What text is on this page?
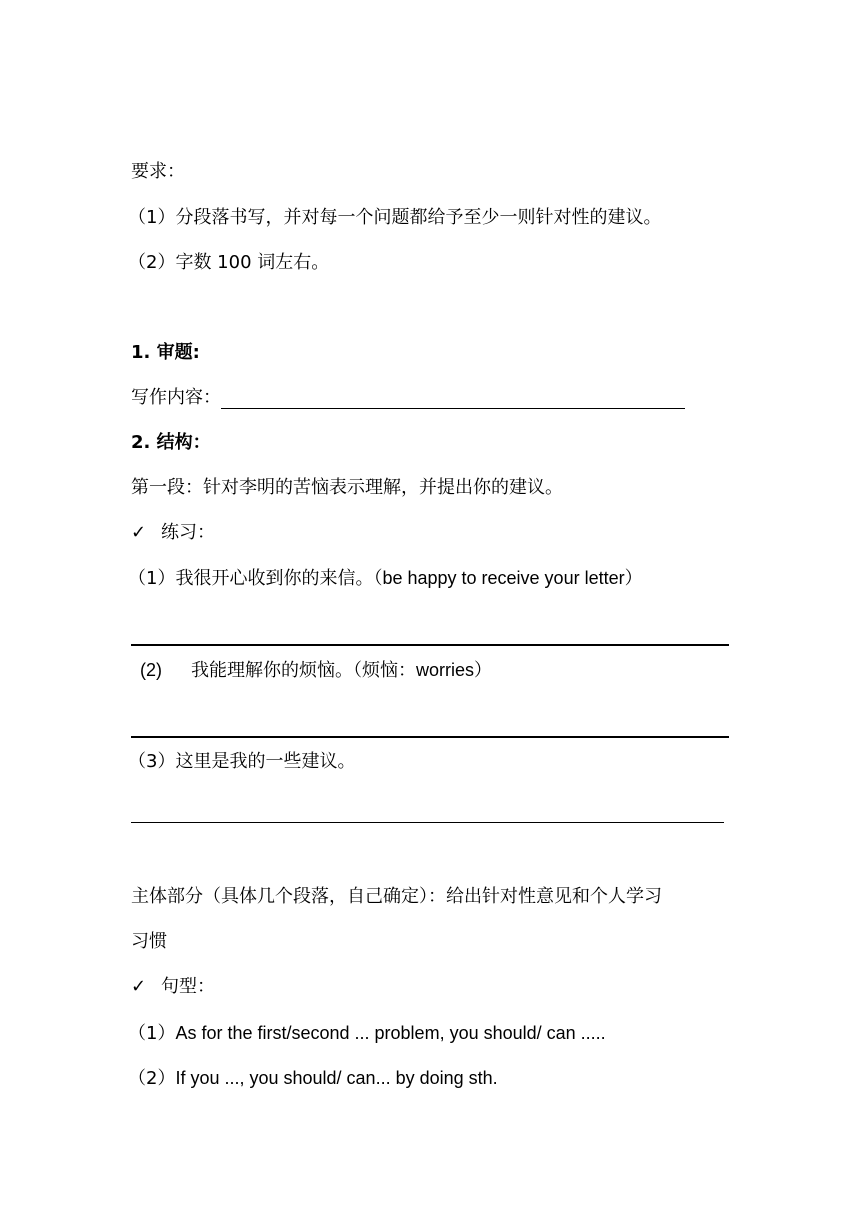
要求：
（1）分段落书写，并对每一个问题都给予至少一则针对性的建议。
（2）字数 100 词左右。
1. 审题:
写作内容：
2. 结构：
第一段：针对李明的苦恼表示理解，并提出你的建议。
✓ 练习：
（1）我很开心收到你的来信。（be happy to receive your letter）
(2) 我能理解你的烦恼。（烦恼：worries）
（3）这里是我的一些建议。
主体部分（具体几个段落，自己确定）：给出针对性意见和个人学习
习惯
✓ 句型：
（1）As for the first/second ... problem, you should/ can .....
（2）If you ..., you should/ can... by doing sth.
